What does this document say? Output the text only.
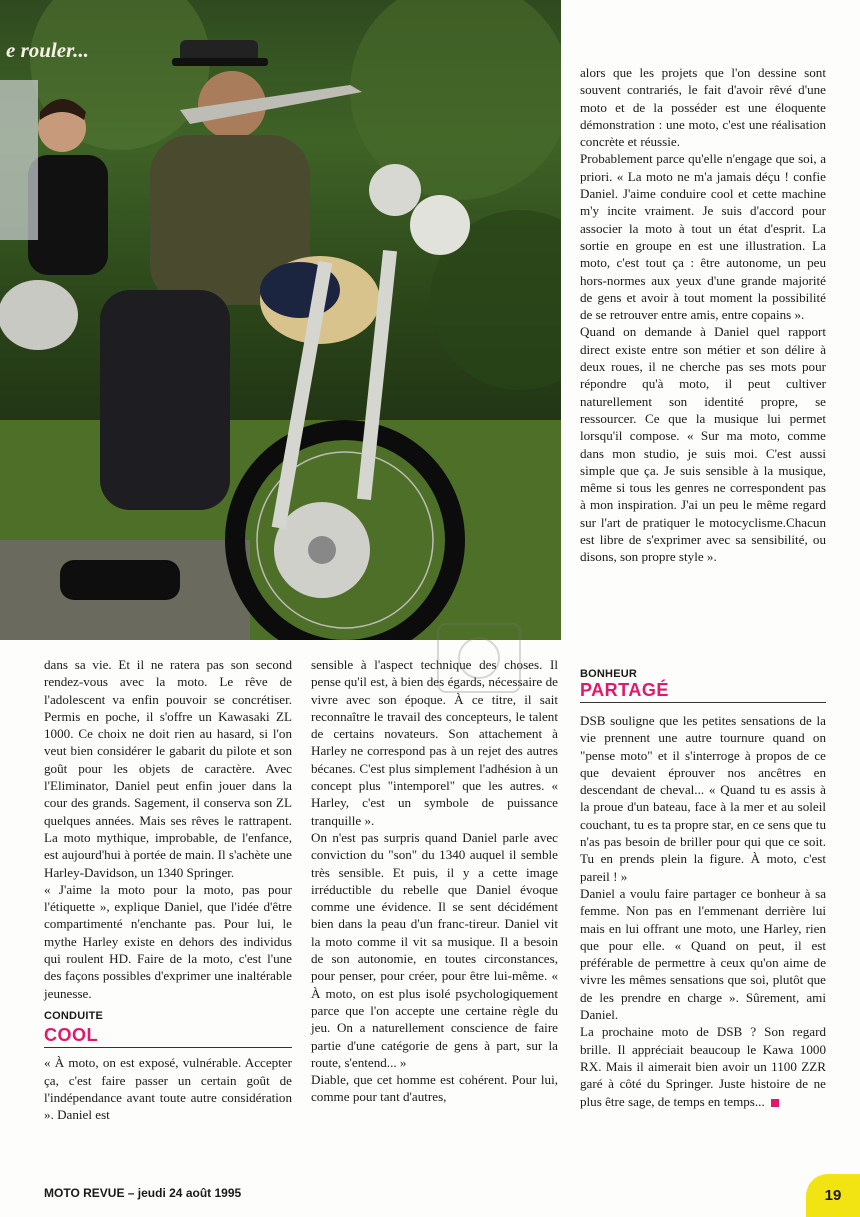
e rouler...

dans sa vie. Et il ne ratera pas son second rendez-vous avec la moto. Le rêve de l'adolescent va enfin pouvoir se concrétiser. Permis en poche, il s'offre un Kawasaki ZL 1000. Ce choix ne doit rien au hasard, si l'on veut bien considérer le gabarit du pilote et son goût pour les objets de caractère. Avec l'Eliminator, Daniel peut enfin jouer dans la cour des grands. Sagement, il conserva son ZL quelques années. Mais ses rêves le rattrapent. La moto mythique, improbable, de l'enfance, est aujourd'hui à portée de main. Il s'achète une Harley-Davidson, un 1340 Springer.

« J'aime la moto pour la moto, pas pour l'étiquette », explique Daniel, que l'idée d'être compartimenté n'enchante pas. Pour lui, le mythe Harley existe en dehors des individus qui roulent HD. Faire de la moto, c'est l'une des façons possibles d'exprimer une inaltérable jeunesse.

CONDUITE
COOL

« À moto, on est exposé, vulnérable. Accepter ça, c'est faire passer un certain goût de l'indépendance avant toute autre considération ». Daniel est

sensible à l'aspect technique des choses. Il pense qu'il est, à bien des égards, nécessaire de vivre avec son époque. À ce titre, il sait reconnaître le travail des concepteurs, le talent de certains novateurs. Son attachement à Harley ne correspond pas à un rejet des autres bécanes. C'est plus simplement l'adhésion à un concept plus "intemporel" que les autres. « Harley, c'est un symbole de puissance tranquille ».

On n'est pas surpris quand Daniel parle avec conviction du "son" du 1340 auquel il semble très sensible. Et puis, il y a cette image irréductible du rebelle que Daniel évoque comme une évidence. Il se sent décidément bien dans la peau d'un franc-tireur. Daniel vit la moto comme il vit sa musique. Il a besoin de son autonomie, en toutes circonstances, pour penser, pour créer, pour être lui-même. « À moto, on est plus isolé psychologiquement parce que l'on accepte une certaine règle du jeu. On a naturellement conscience de faire partie d'une catégorie de gens à part, sur la route, s'entend... »

Diable, que cet homme est cohérent. Pour lui, comme pour tant d'autres,

alors que les projets que l'on dessine sont souvent contrariés, le fait d'avoir rêvé d'une moto et de la posséder est une éloquente démonstration : une moto, c'est une réalisation concrète et réussie.

Probablement parce qu'elle n'engage que soi, a priori. « La moto ne m'a jamais déçu ! confie Daniel. J'aime conduire cool et cette machine m'y incite vraiment. Je suis d'accord pour associer la moto à tout un état d'esprit. La sortie en groupe en est une illustration. La moto, c'est tout ça : être autonome, un peu hors-normes aux yeux d'une grande majorité de gens et avoir à tout moment la possibilité de se retrouver entre amis, entre copains ».

Quand on demande à Daniel quel rapport direct existe entre son métier et son délire à deux roues, il ne cherche pas ses mots pour répondre qu'à moto, il peut cultiver naturellement son identité propre, se ressourcer. Ce que la musique lui permet lorsqu'il compose. « Sur ma moto, comme dans mon studio, je suis moi. C'est aussi simple que ça. Je suis sensible à la musique, même si tous les genres ne correspondent pas à mon inspiration. J'ai un peu le même regard sur l'art de pratiquer le motocyclisme.Chacun est libre de s'exprimer avec sa sensibilité, ou disons, son propre style ».

BONHEUR
PARTAGÉ

DSB souligne que les petites sensations de la vie prennent une autre tournure quand on "pense moto" et il s'interroge à propos de ce que devaient éprouver nos ancêtres en descendant de cheval... « Quand tu es assis à la proue d'un bateau, face à la mer et au soleil couchant, tu es ta propre star, en ce sens que tu n'as pas besoin de briller pour qui que ce soit. Tu en prends plein la figure. À moto, c'est pareil ! »

Daniel a voulu faire partager ce bonheur à sa femme. Non pas en l'emmenant derrière lui mais en lui offrant une moto, une Harley, rien que pour elle. « Quand on peut, il est préférable de permettre à ceux qu'on aime de vivre les mêmes sensations que soi, plutôt que de les prendre en charge ». Sûrement, ami Daniel.

La prochaine moto de DSB ? Son regard brille. Il appréciait beaucoup le Kawa 1000 RX. Mais il aimerait bien avoir un 1100 ZZR garé à côté du Springer. Juste histoire de ne plus être sage, de temps en temps...

MOTO REVUE – jeudi 24 août 1995	19
